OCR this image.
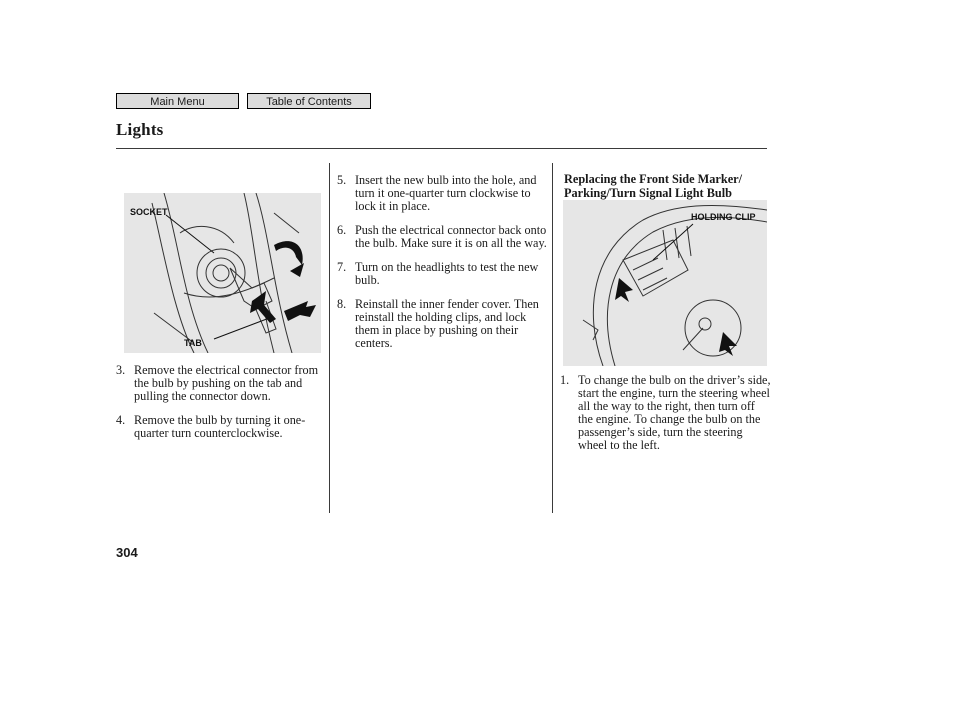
Main Menu	Table of Contents
Lights
SOCKET
TAB
3. Remove the electrical connector from the bulb by pushing on the tab and pulling the connector down.
4. Remove the bulb by turning it one-quarter turn counterclockwise.
5. Insert the new bulb into the hole, and turn it one-quarter turn clockwise to lock it in place.
6. Push the electrical connector back onto the bulb. Make sure it is on all the way.
7. Turn on the headlights to test the new bulb.
8. Reinstall the inner fender cover. Then reinstall the holding clips, and lock them in place by pushing on their centers.
Replacing the Front Side Marker/ Parking/Turn Signal Light Bulb
HOLDING CLIP
1. To change the bulb on the driver’s side, start the engine, turn the steering wheel all the way to the right, then turn off the engine. To change the bulb on the passenger’s side, turn the steering wheel to the left.
304
